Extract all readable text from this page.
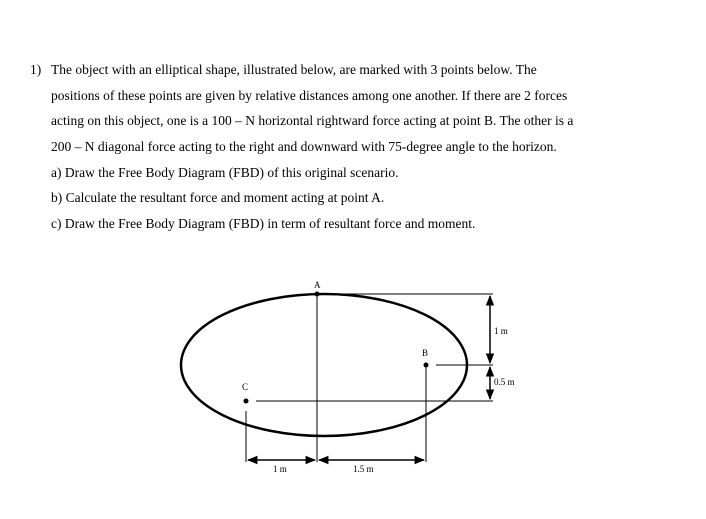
1) The object with an elliptical shape, illustrated below, are marked with 3 points below. The
positions of these points are given by relative distances among one another. If there are 2 forces
acting on this object, one is a 100 – N horizontal rightward force acting at point B. The other is a
200 – N diagonal force acting to the right and downward with 75-degree angle to the horizon.
a) Draw the Free Body Diagram (FBD) of this original scenario.
b) Calculate the resultant force and moment acting at point A.
c) Draw the Free Body Diagram (FBD) in term of resultant force and moment.
A
B
C
1 m
0.5 m
1 m	1.5 m
